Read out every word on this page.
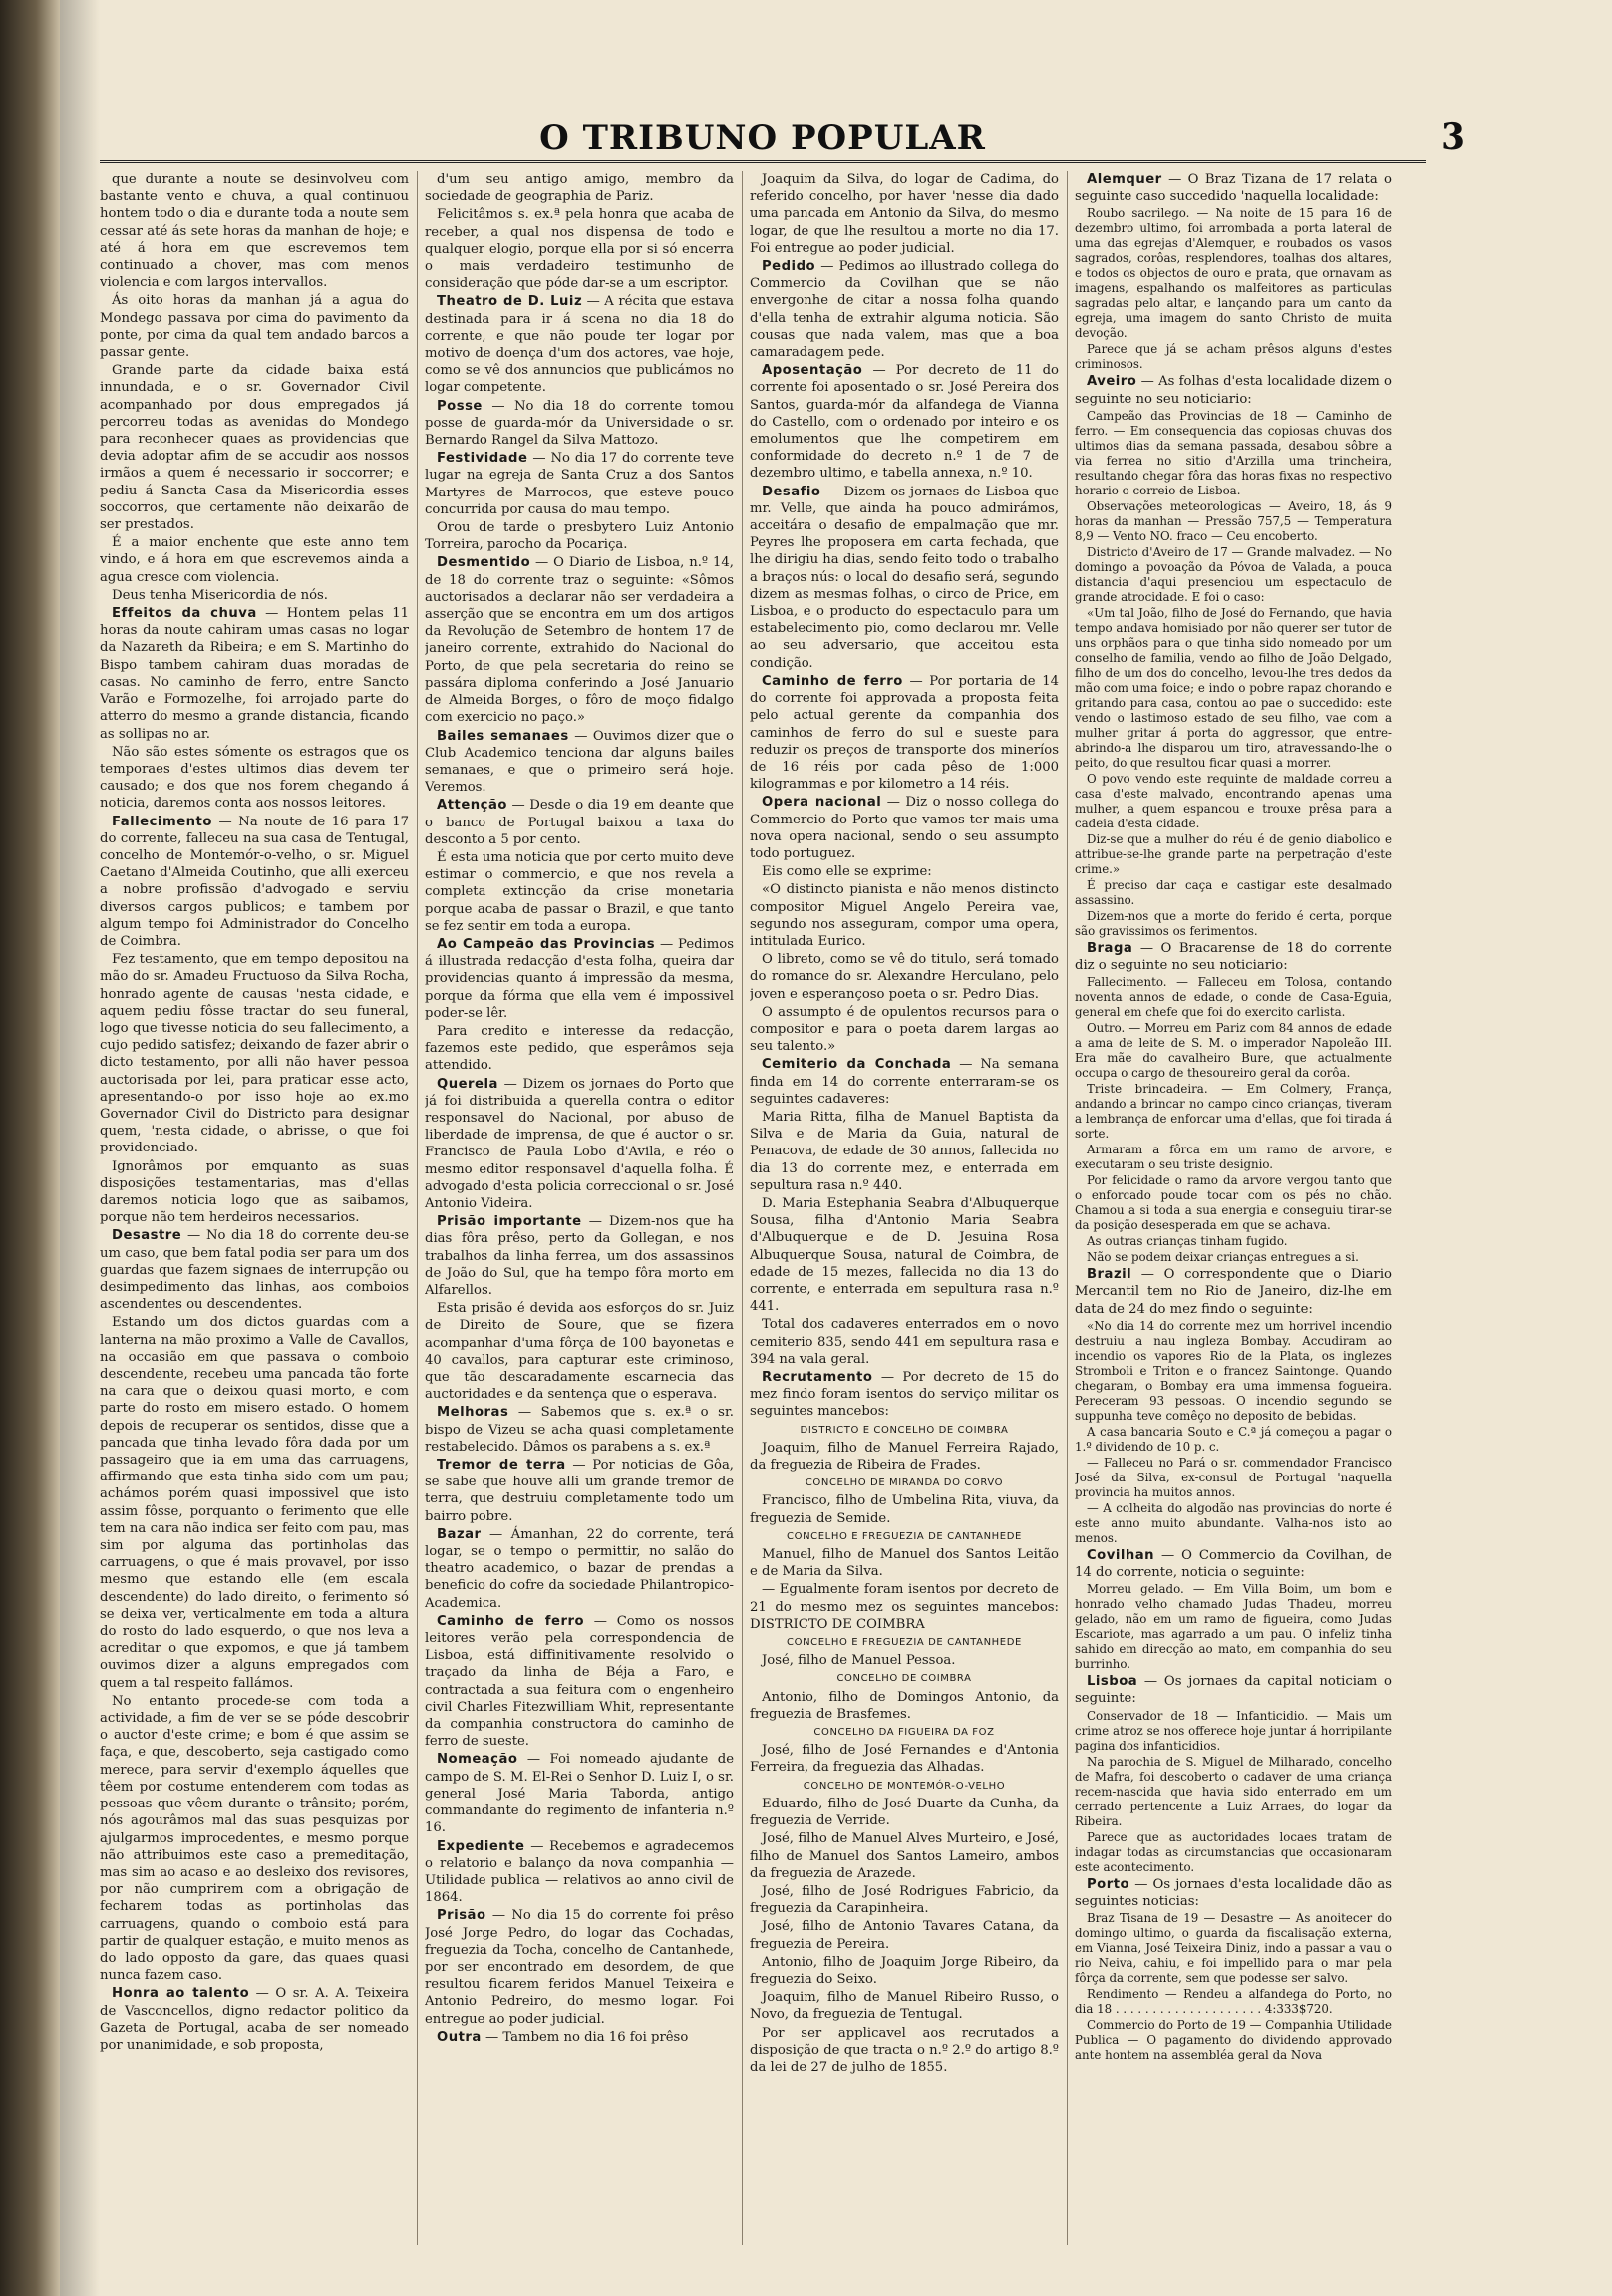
O TRIBUNO POPULAR	3

que durante a noute se desinvolveu com bastante vento e chuva, a qual continuou hontem todo o dia e durante toda a noute sem cessar até ás sete horas da manhan de hoje; e até á hora em que escrevemos tem continuado a chover, mas com menos violencia e com largos intervallos.

Ás oito horas da manhan já a agua do Mondego passava por cima do pavimento da ponte, por cima da qual tem andado barcos a passar gente.

Grande parte da cidade baixa está innundada, e o sr. Governador Civil acompanhado por dous empregados já percorreu todas as avenidas do Mondego para reconhecer quaes as providencias que devia adoptar afim de se accudir aos nossos irmãos a quem é necessario ir soccorrer; e pediu á Sancta Casa da Misericordia esses soccorros, que certamente não deixarão de ser prestados.

É a maior enchente que este anno tem vindo, e á hora em que escrevemos ainda a agua cresce com violencia.

Deus tenha Misericordia de nós.

Effeitos da chuva — Hontem pelas 11 horas da noute cahiram umas casas no logar da Nazareth da Ribeira; e em S. Martinho do Bispo tambem cahiram duas moradas de casas. No caminho de ferro, entre Sancto Varão e Formozelhe, foi arrojado parte do atterro do mesmo a grande distancia, ficando as sollipas no ar.

Não são estes sómente os estragos que os temporaes d'estes ultimos dias devem ter causado; e dos que nos forem chegando á noticia, daremos conta aos nossos leitores.

Fallecimento — Na noute de 16 para 17 do corrente, falleceu na sua casa de Tentugal, concelho de Montemór-o-velho, o sr. Miguel Caetano d'Almeida Coutinho, que alli exerceu a nobre profissão d'advogado e serviu diversos cargos publicos; e tambem por algum tempo foi Administrador do Concelho de Coimbra.

Fez testamento, que em tempo depositou na mão do sr. Amadeu Fructuoso da Silva Rocha, honrado agente de causas 'nesta cidade, e aquem pediu fôsse tractar do seu funeral, logo que tivesse noticia do seu fallecimento, a cujo pedido satisfez; deixando de fazer abrir o dicto testamento, por alli não haver pessoa auctorisada por lei, para praticar esse acto, apresentando-o por isso hoje ao ex.mo Governador Civil do Districto para designar quem, 'nesta cidade, o abrisse, o que foi providenciado.

Ignorâmos por emquanto as suas disposições testamentarias, mas d'ellas daremos noticia logo que as saibamos, porque não tem herdeiros necessarios.

Desastre — No dia 18 do corrente deu-se um caso, que bem fatal podia ser para um dos guardas que fazem signaes de interrupção ou desimpedimento das linhas, aos comboios ascendentes ou descendentes.

Estando um dos dictos guardas com a lanterna na mão proximo a Valle de Cavallos, na occasião em que passava o comboio descendente, recebeu uma pancada tão forte na cara que o deixou quasi morto, e com parte do rosto em misero estado. O homem depois de recuperar os sentidos, disse que a pancada que tinha levado fôra dada por um passageiro que ia em uma das carruagens, affirmando que esta tinha sido com um pau; achámos porém quasi impossivel que isto assim fôsse, porquanto o ferimento que elle tem na cara não indica ser feito com pau, mas sim por alguma das portinholas das carruagens, o que é mais provavel, por isso mesmo que estando elle (em escala descendente) do lado direito, o ferimento só se deixa ver, verticalmente em toda a altura do rosto do lado esquerdo, o que nos leva a acreditar o que expomos, e que já tambem ouvimos dizer a alguns empregados com quem a tal respeito fallámos.

No entanto procede-se com toda a actividade, a fim de ver se se póde descobrir o auctor d'este crime; e bom é que assim se faça, e que, descoberto, seja castigado como merece, para servir d'exemplo áquelles que têem por costume entenderem com todas as pessoas que vêem durante o trânsito; porém, nós agourâmos mal das suas pesquizas por ajulgarmos improcedentes, e mesmo porque não attribuimos este caso a premeditação, mas sim ao acaso e ao desleixo dos revisores, por não cumprirem com a obrigação de fecharem todas as portinholas das carruagens, quando o comboio está para partir de qualquer estação, e muito menos as do lado opposto da gare, das quaes quasi nunca fazem caso.

Honra ao talento — O sr. A. A. Teixeira de Vasconcellos, digno redactor politico da Gazeta de Portugal, acaba de ser nomeado por unanimidade, e sob proposta,

d'um seu antigo amigo, membro da sociedade de geographia de Pariz.

Felicitâmos s. ex.ª pela honra que acaba de receber, a qual nos dispensa de todo e qualquer elogio, porque ella por si só encerra o mais verdadeiro testimunho de consideração que póde dar-se a um escriptor.

Theatro de D. Luiz — A récita que estava destinada para ir á scena no dia 18 do corrente, e que não poude ter logar por motivo de doença d'um dos actores, vae hoje, como se vê dos annuncios que publicámos no logar competente.

Posse — No dia 18 do corrente tomou posse de guarda-mór da Universidade o sr. Bernardo Rangel da Silva Mattozo.

Festividade — No dia 17 do corrente teve lugar na egreja de Santa Cruz a dos Santos Martyres de Marrocos, que esteve pouco concurrida por causa do mau tempo.

Orou de tarde o presbytero Luiz Antonio Torreira, parocho da Pocariça.

Desmentido — O Diario de Lisboa, n.º 14, de 18 do corrente traz o seguinte: «Sômos auctorisados a declarar não ser verdadeira a asserção que se encontra em um dos artigos da Revolução de Setembro de hontem 17 de janeiro corrente, extrahido do Nacional do Porto, de que pela secretaria do reino se passára diploma conferindo a José Januario de Almeida Borges, o fôro de moço fidalgo com exercicio no paço.»

Bailes semanaes — Ouvimos dizer que o Club Academico tenciona dar alguns bailes semanaes, e que o primeiro será hoje. Veremos.

Attenção — Desde o dia 19 em deante que o banco de Portugal baixou a taxa do desconto a 5 por cento.

É esta uma noticia que por certo muito deve estimar o commercio, e que nos revela a completa extincção da crise monetaria porque acaba de passar o Brazil, e que tanto se fez sentir em toda a europa.

Ao Campeão das Provincias — Pedimos á illustrada redacção d'esta folha, queira dar providencias quanto á impressão da mesma, porque da fórma que ella vem é impossivel poder-se lêr.

Para credito e interesse da redacção, fazemos este pedido, que esperâmos seja attendido.

Querela — Dizem os jornaes do Porto que já foi distribuida a querella contra o editor responsavel do Nacional, por abuso de liberdade de imprensa, de que é auctor o sr. Francisco de Paula Lobo d'Avila, e réo o mesmo editor responsavel d'aquella folha. É advogado d'esta policia correccional o sr. José Antonio Videira.

Prisão importante — Dizem-nos que ha dias fôra prêso, perto da Gollegan, e nos trabalhos da linha ferrea, um dos assassinos de João do Sul, que ha tempo fôra morto em Alfarellos.

Esta prisão é devida aos esforços do sr. Juiz de Direito de Soure, que se fizera acompanhar d'uma fôrça de 100 bayonetas e 40 cavallos, para capturar este criminoso, que tão descaradamente escarnecia das auctoridades e da sentença que o esperava.

Melhoras — Sabemos que s. ex.ª o sr. bispo de Vizeu se acha quasi completamente restabelecido. Dâmos os parabens a s. ex.ª

Tremor de terra — Por noticias de Gôa, se sabe que houve alli um grande tremor de terra, que destruiu completamente todo um bairro pobre.

Bazar — Ámanhan, 22 do corrente, terá logar, se o tempo o permittir, no salão do theatro academico, o bazar de prendas a beneficio do cofre da sociedade Philantropico-Academica.

Caminho de ferro — Como os nossos leitores verão pela correspondencia de Lisboa, está diffinitivamente resolvido o traçado da linha de Béja a Faro, e contractada a sua feitura com o engenheiro civil Charles Fitezwilliam Whit, representante da companhia constructora do caminho de ferro de sueste.

Nomeação — Foi nomeado ajudante de campo de S. M. El-Rei o Senhor D. Luiz I, o sr. general José Maria Taborda, antigo commandante do regimento de infanteria n.º 16.

Expediente — Recebemos e agradecemos o relatorio e balanço da nova companhia — Utilidade publica — relativos ao anno civil de 1864.

Prisão — No dia 15 do corrente foi prêso José Jorge Pedro, do logar das Cochadas, freguezia da Tocha, concelho de Cantanhede, por ser encontrado em desordem, de que resultou ficarem feridos Manuel Teixeira e Antonio Pedreiro, do mesmo logar. Foi entregue ao poder judicial.

Outra — Tambem no dia 16 foi prêso

Joaquim da Silva, do logar de Cadima, do referido concelho, por haver 'nesse dia dado uma pancada em Antonio da Silva, do mesmo logar, de que lhe resultou a morte no dia 17. Foi entregue ao poder judicial.

Pedido — Pedimos ao illustrado collega do Commercio da Covilhan que se não envergonhe de citar a nossa folha quando d'ella tenha de extrahir alguma noticia. São cousas que nada valem, mas que a boa camaradagem pede.

Aposentação — Por decreto de 11 do corrente foi aposentado o sr. José Pereira dos Santos, guarda-mór da alfandega de Vianna do Castello, com o ordenado por inteiro e os emolumentos que lhe competirem em conformidade do decreto n.º 1 de 7 de dezembro ultimo, e tabella annexa, n.º 10.

Desafio — Dizem os jornaes de Lisboa que mr. Velle, que ainda ha pouco admirámos, acceitára o desafio de empalmação que mr. Peyres lhe proposera em carta fechada, que lhe dirigiu ha dias, sendo feito todo o trabalho a braços nús: o local do desafio será, segundo dizem as mesmas folhas, o circo de Price, em Lisboa, e o producto do espectaculo para um estabelecimento pio, como declarou mr. Velle ao seu adversario, que acceitou esta condição.

Caminho de ferro — Por portaria de 14 do corrente foi approvada a proposta feita pelo actual gerente da companhia dos caminhos de ferro do sul e sueste para reduzir os preços de transporte dos mineríos de 16 réis por cada pêso de 1:000 kilogrammas e por kilometro a 14 réis.

Opera nacional — Diz o nosso collega do Commercio do Porto que vamos ter mais uma nova opera nacional, sendo o seu assumpto todo portuguez.

Eis como elle se exprime:

«O distincto pianista e não menos distincto compositor Miguel Angelo Pereira vae, segundo nos asseguram, compor uma opera, intitulada Eurico.

O libreto, como se vê do titulo, será tomado do romance do sr. Alexandre Herculano, pelo joven e esperançoso poeta o sr. Pedro Dias.

O assumpto é de opulentos recursos para o compositor e para o poeta darem largas ao seu talento.»

Cemiterio da Conchada — Na semana finda em 14 do corrente enterraram-se os seguintes cadaveres:

Maria Ritta, filha de Manuel Baptista da Silva e de Maria da Guia, natural de Penacova, de edade de 30 annos, fallecida no dia 13 do corrente mez, e enterrada em sepultura rasa n.º 440.

D. Maria Estephania Seabra d'Albuquerque Sousa, filha d'Antonio Maria Seabra d'Albuquerque e de D. Jesuina Rosa Albuquerque Sousa, natural de Coimbra, de edade de 15 mezes, fallecida no dia 13 do corrente, e enterrada em sepultura rasa n.º 441.

Total dos cadaveres enterrados em o novo cemiterio 835, sendo 441 em sepultura rasa e 394 na vala geral.

Recrutamento — Por decreto de 15 do mez findo foram isentos do serviço militar os seguintes mancebos:

DISTRICTO E CONCELHO DE COIMBRA

Joaquim, filho de Manuel Ferreira Rajado, da freguezia de Ribeira de Frades.

CONCELHO DE MIRANDA DO CORVO

Francisco, filho de Umbelina Rita, viuva, da freguezia de Semide.

CONCELHO E FREGUEZIA DE CANTANHEDE

Manuel, filho de Manuel dos Santos Leitão e de Maria da Silva.

— Egualmente foram isentos por decreto de 21 do mesmo mez os seguintes mancebos: DISTRICTO DE COIMBRA

CONCELHO E FREGUEZIA DE CANTANHEDE

José, filho de Manuel Pessoa.

CONCELHO DE COIMBRA

Antonio, filho de Domingos Antonio, da freguezia de Brasfemes.

CONCELHO DA FIGUEIRA DA FOZ

José, filho de José Fernandes e d'Antonia Ferreira, da freguezia das Alhadas.

CONCELHO DE MONTEMÓR-O-VELHO

Eduardo, filho de José Duarte da Cunha, da freguezia de Verride.

José, filho de Manuel Alves Murteiro, e José, filho de Manuel dos Santos Lameiro, ambos da freguezia de Arazede.

José, filho de José Rodrigues Fabricio, da freguezia da Carapinheira.

José, filho de Antonio Tavares Catana, da freguezia de Pereira.

Antonio, filho de Joaquim Jorge Ribeiro, da freguezia do Seixo.

Joaquim, filho de Manuel Ribeiro Russo, o Novo, da freguezia de Tentugal.

Por ser applicavel aos recrutados a disposição de que tracta o n.º 2.º do artigo 8.º da lei de 27 de julho de 1855.

Alemquer — O Braz Tizana de 17 relata o seguinte caso succedido 'naquella localidade:

Roubo sacrilego. — Na noite de 15 para 16 de dezembro ultimo, foi arrombada a porta lateral de uma das egrejas d'Alemquer, e roubados os vasos sagrados, corôas, resplendores, toalhas dos altares, e todos os objectos de ouro e prata, que ornavam as imagens, espalhando os malfeitores as particulas sagradas pelo altar, e lançando para um canto da egreja, uma imagem do santo Christo de muita devoção.

Parece que já se acham prêsos alguns d'estes criminosos.

Aveiro — As folhas d'esta localidade dizem o seguinte no seu noticiario:

Campeão das Provincias de 18 — Caminho de ferro. — Em consequencia das copiosas chuvas dos ultimos dias da semana passada, desabou sôbre a via ferrea no sitio d'Arzilla uma trincheira, resultando chegar fôra das horas fixas no respectivo horario o correio de Lisboa.

Observações meteorologicas — Aveiro, 18, ás 9 horas da manhan — Pressão 757,5 — Temperatura 8,9 — Vento NO. fraco — Ceu encoberto.

Districto d'Aveiro de 17 — Grande malvadez. — No domingo a povoação da Póvoa de Valada, a pouca distancia d'aqui presenciou um espectaculo de grande atrocidade. E foi o caso:

«Um tal João, filho de José do Fernando, que havia tempo andava homisiado por não querer ser tutor de uns orphãos para o que tinha sido nomeado por um conselho de familia, vendo ao filho de João Delgado, filho de um dos do concelho, levou-lhe tres dedos da mão com uma foice; e indo o pobre rapaz chorando e gritando para casa, contou ao pae o succedido: este vendo o lastimoso estado de seu filho, vae com a mulher gritar á porta do aggressor, que entre-abrindo-a lhe disparou um tiro, atravessando-lhe o peito, do que resultou ficar quasi a morrer.

O povo vendo este requinte de maldade correu a casa d'este malvado, encontrando apenas uma mulher, a quem espancou e trouxe prêsa para a cadeia d'esta cidade.

Diz-se que a mulher do réu é de genio diabolico e attribue-se-lhe grande parte na perpetração d'este crime.»

É preciso dar caça e castigar este desalmado assassino.

Dizem-nos que a morte do ferido é certa, porque são gravissimos os ferimentos.

Braga — O Bracarense de 18 do corrente diz o seguinte no seu noticiario:

Fallecimento. — Falleceu em Tolosa, contando noventa annos de edade, o conde de Casa-Eguia, general em chefe que foi do exercito carlista.

Outro. — Morreu em Pariz com 84 annos de edade a ama de leite de S. M. o imperador Napoleão III. Era mãe do cavalheiro Bure, que actualmente occupa o cargo de thesoureiro geral da corôa.

Triste brincadeira. — Em Colmery, França, andando a brincar no campo cinco crianças, tiveram a lembrança de enforcar uma d'ellas, que foi tirada á sorte.

Armaram a fôrca em um ramo de arvore, e executaram o seu triste designio.

Por felicidade o ramo da arvore vergou tanto que o enforcado poude tocar com os pés no chão. Chamou a si toda a sua energia e conseguiu tirar-se da posição desesperada em que se achava.

As outras crianças tinham fugido.

Não se podem deixar crianças entregues a si.

Brazil — O correspondente que o Diario Mercantil tem no Rio de Janeiro, diz-lhe em data de 24 do mez findo o seguinte:

«No dia 14 do corrente mez um horrivel incendio destruiu a nau ingleza Bombay. Accudiram ao incendio os vapores Rio de la Plata, os inglezes Stromboli e Triton e o francez Saintonge. Quando chegaram, o Bombay era uma immensa fogueira. Pereceram 93 pessoas. O incendio segundo se suppunha teve comêço no deposito de bebidas.

A casa bancaria Souto e C.ª já começou a pagar o 1.º dividendo de 10 p. c.

— Falleceu no Pará o sr. commendador Francisco José da Silva, ex-consul de Portugal 'naquella provincia ha muitos annos.

— A colheita do algodão nas provincias do norte é este anno muito abundante. Valha-nos isto ao menos.

Covilhan — O Commercio da Covilhan, de 14 do corrente, noticia o seguinte:

Morreu gelado. — Em Villa Boim, um bom e honrado velho chamado Judas Thadeu, morreu gelado, não em um ramo de figueira, como Judas Escariote, mas agarrado a um pau. O infeliz tinha sahido em direcção ao mato, em companhia do seu burrinho.

Lisboa — Os jornaes da capital noticiam o seguinte:

Conservador de 18 — Infanticidio. — Mais um crime atroz se nos offerece hoje juntar á horripilante pagina dos infanticidios.

Na parochia de S. Miguel de Milharado, concelho de Mafra, foi descoberto o cadaver de uma criança recem-nascida que havia sido enterrado em um cerrado pertencente a Luiz Arraes, do logar da Ribeira.

Parece que as auctoridades locaes tratam de indagar todas as circumstancias que occasionaram este acontecimento.

Porto — Os jornaes d'esta localidade dão as seguintes noticias:

Braz Tisana de 19 — Desastre — As anoitecer do domingo ultimo, o guarda da fiscalisação externa, em Vianna, José Teixeira Diniz, indo a passar a vau o rio Neiva, cahiu, e foi impellido para o mar pela fôrça da corrente, sem que podesse ser salvo.

Rendimento — Rendeu a alfandega do Porto, no dia 18 . . . . . . . . . . . . . . . . . . . . 4:333$720.

Commercio do Porto de 19 — Companhia Utilidade Publica — O pagamento do dividendo approvado ante hontem na assembléa geral da Nova
